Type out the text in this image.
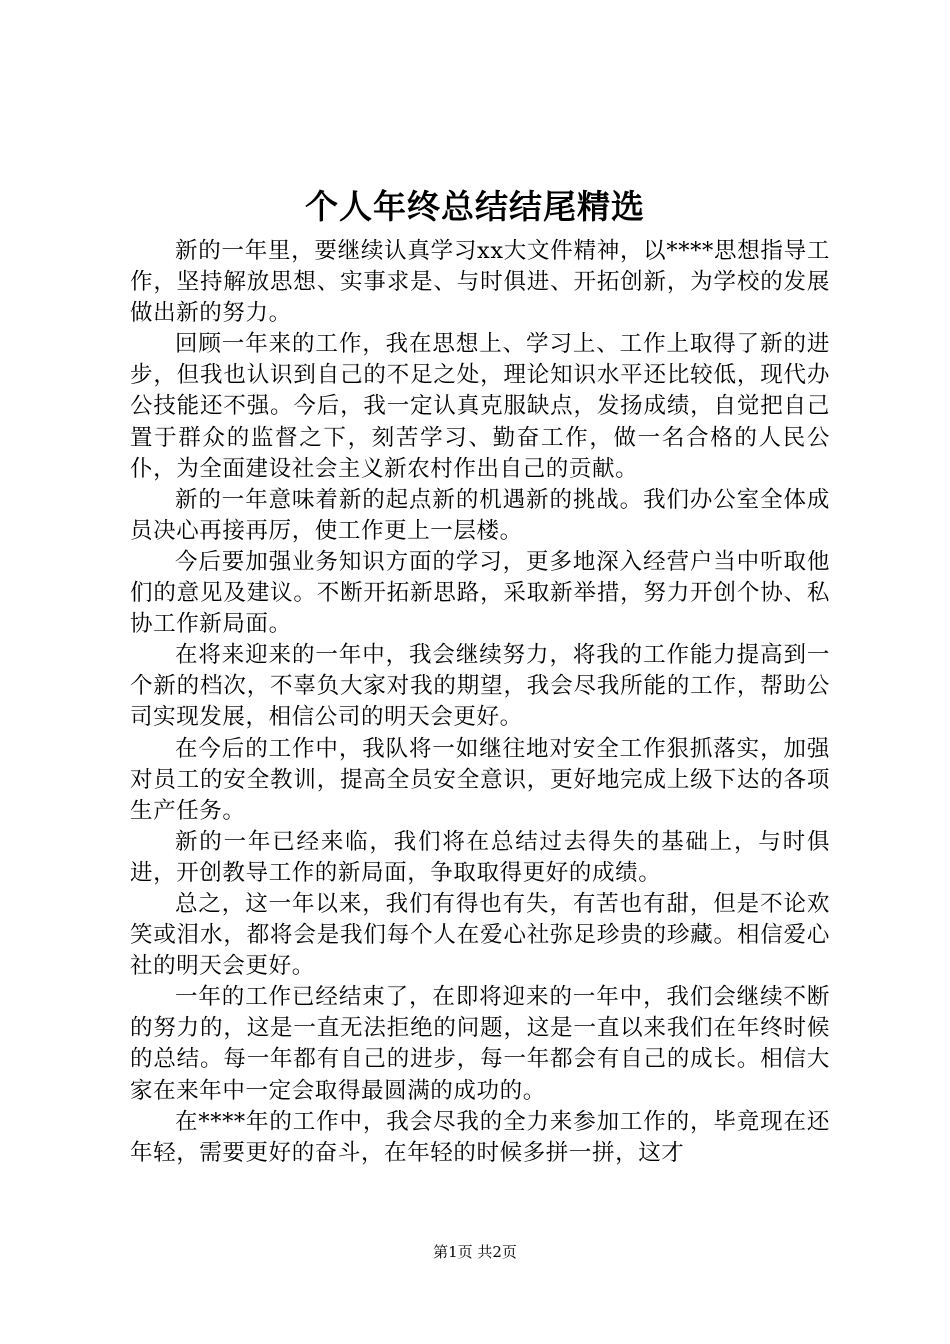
个人年终总结结尾精选

新的一年里，要继续认真学习xx大文件精神，以****思想指导工作，坚持解放思想、实事求是、与时俱进、开拓创新，为学校的发展做出新的努力。

回顾一年来的工作，我在思想上、学习上、工作上取得了新的进步，但我也认识到自己的不足之处，理论知识水平还比较低，现代办公技能还不强。今后，我一定认真克服缺点，发扬成绩，自觉把自己置于群众的监督之下，刻苦学习、勤奋工作，做一名合格的人民公仆，为全面建设社会主义新农村作出自己的贡献。

新的一年意味着新的起点新的机遇新的挑战。我们办公室全体成员决心再接再厉，使工作更上一层楼。

今后要加强业务知识方面的学习，更多地深入经营户当中听取他们的意见及建议。不断开拓新思路，采取新举措，努力开创个协、私协工作新局面。

在将来迎来的一年中，我会继续努力，将我的工作能力提高到一个新的档次，不辜负大家对我的期望，我会尽我所能的工作，帮助公司实现发展，相信公司的明天会更好。

在今后的工作中，我队将一如继往地对安全工作狠抓落实，加强对员工的安全教训，提高全员安全意识，更好地完成上级下达的各项生产任务。

新的一年已经来临，我们将在总结过去得失的基础上，与时俱进，开创教导工作的新局面，争取取得更好的成绩。

总之，这一年以来，我们有得也有失，有苦也有甜，但是不论欢笑或泪水，都将会是我们每个人在爱心社弥足珍贵的珍藏。相信爱心社的明天会更好。

一年的工作已经结束了，在即将迎来的一年中，我们会继续不断的努力的，这是一直无法拒绝的问题，这是一直以来我们在年终时候的总结。每一年都有自己的进步，每一年都会有自己的成长。相信大家在来年中一定会取得最圆满的成功的。

在****年的工作中，我会尽我的全力来参加工作的，毕竟现在还年轻，需要更好的奋斗，在年轻的时候多拼一拼，这才

第1页 共2页
